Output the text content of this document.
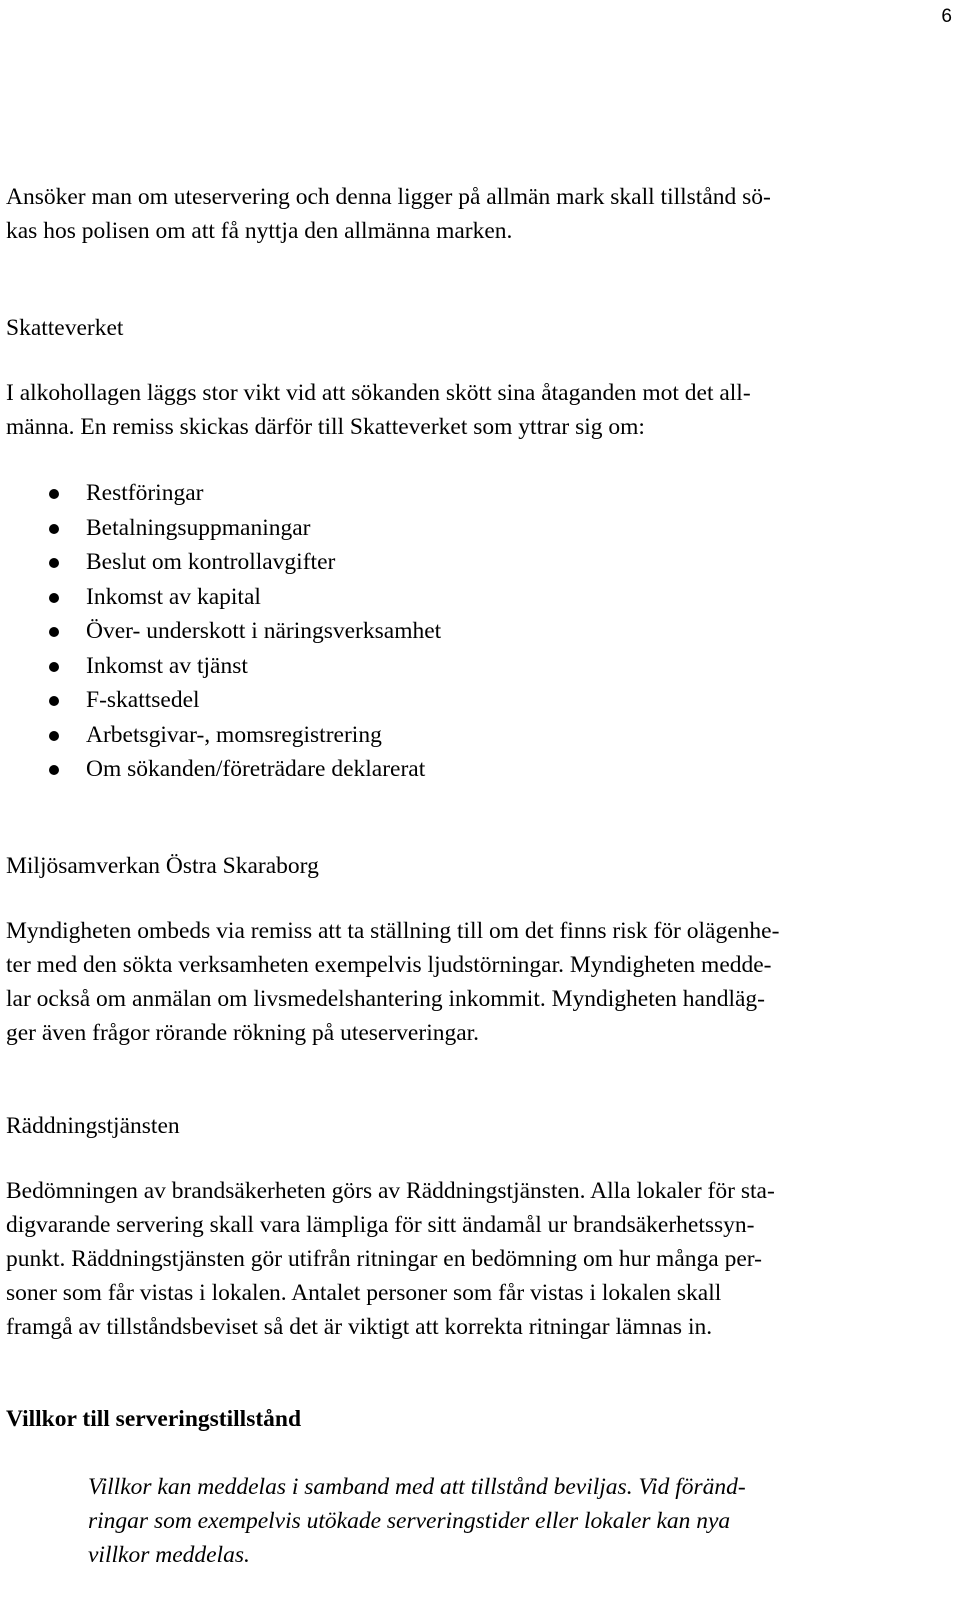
6
Ansöker man om uteservering och denna ligger på allmän mark skall tillstånd sö-
kas hos polisen om att få nyttja den allmänna marken.
Skatteverket
I alkohollagen läggs stor vikt vid att sökanden skött sina åtaganden mot det all-
männa. En remiss skickas därför till Skatteverket som yttrar sig om:
Restföringar
Betalningsuppmaningar
Beslut om kontrollavgifter
Inkomst av kapital
Över- underskott i näringsverksamhet
Inkomst av tjänst
F-skattsedel
Arbetsgivar-, momsregistrering
Om sökanden/företrädare deklarerat
Miljösamverkan Östra Skaraborg
Myndigheten ombeds via remiss att ta ställning till om det finns risk för olägenhe-
ter med den sökta verksamheten exempelvis ljudstörningar. Myndigheten medde-
lar också om anmälan om livsmedelshantering inkommit. Myndigheten handläg-
ger även frågor rörande rökning på uteserveringar.
Räddningstjänsten
Bedömningen av brandsäkerheten görs av Räddningstjänsten. Alla lokaler för sta-
digvarande servering skall vara lämpliga för sitt ändamål ur brandsäkerhetssyn-
punkt. Räddningstjänsten gör utifrån ritningar en bedömning om hur många per-
soner som får vistas i lokalen. Antalet personer som får vistas i lokalen skall
framgå av tillståndsbeviset så det är viktigt att korrekta ritningar lämnas in.
Villkor till serveringstillstånd
Villkor kan meddelas i samband med att tillstånd beviljas. Vid föränd-
ringar som exempelvis utökade serveringstider eller lokaler kan nya
villkor meddelas.
